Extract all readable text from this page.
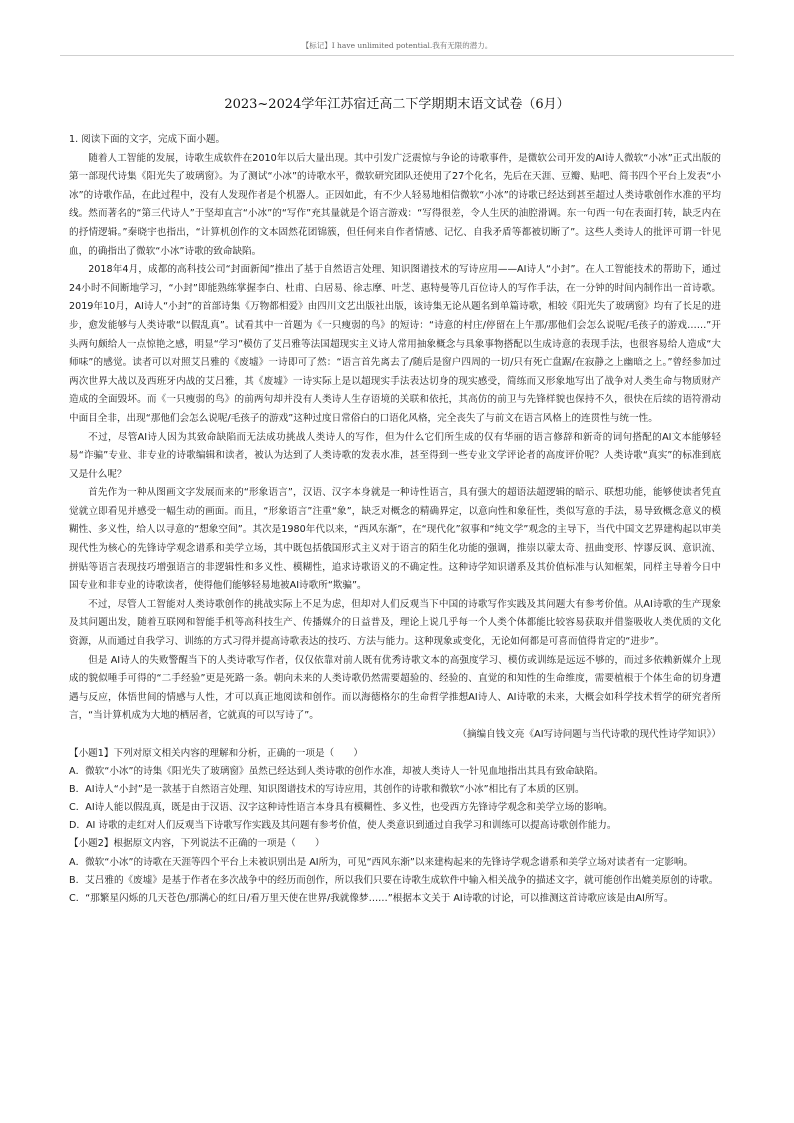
【标记】I have unlimited potential.我有无限的潜力。
2023~2024学年江苏宿迁高二下学期期末语文试卷（6月）

1. 阅读下面的文字，完成下面小题。

随着人工智能的发展，诗歌生成软件在2010年以后大量出现。其中引发广泛震惊与争论的诗歌事件，是微软公司开发的AI诗人微软“小冰”正式出版的第一部现代诗集《阳光失了玻璃窗》。为了测试“小冰”的诗歌水平，微软研究团队还使用了27个化名，先后在天涯、豆瓣、贴吧、简书四个平台上发表“小冰”的诗歌作品，在此过程中，没有人发现作者是个机器人。正因如此，有不少人轻易地相信微软“小冰”的诗歌已经达到甚至超过人类诗歌创作水准的平均线。然而著名的“第三代诗人”于坚却直言“小冰”的“写作”充其量就是个语言游戏：“写得很差，令人生厌的油腔滑调。东一句西一句在表面打转，缺乏内在的抒情逻辑。”秦晓宇也指出，“计算机创作的文本固然花团锦簇，但任何来自作者情感、记忆、自我矛盾等都被切断了”。这些人类诗人的批评可谓一针见血，的确指出了微软“小冰”诗歌的致命缺陷。

2018年4月，成都的高科技公司“封面新闻”推出了基于自然语言处理、知识图谱技术的写诗应用——AI诗人“小封”。在人工智能技术的帮助下，通过24小时不间断地学习，“小封”即能熟练掌握李白、杜甫、白居易、徐志摩、叶芝、惠特曼等几百位诗人的写作手法，在一分钟的时间内制作出一首诗歌。2019年10月，AI诗人“小封”的首部诗集《万物都相爱》由四川文艺出版社出版，该诗集无论从题名到单篇诗歌，相较《阳光失了玻璃窗》均有了长足的进步，愈发能够与人类诗歌“以假乱真”。试看其中一首题为《一只瘦弱的鸟》的短诗：“诗意的村庄/停留在上午那/那他们会怎么说呢/毛孩子的游戏……”开头两句颇给人一点惊艳之感，明显“学习”模仿了艾吕雅等法国超现实主义诗人常用抽象概念与具象事物搭配以生成诗意的表现手法，也很容易给人造成“大师味”的感觉。读者可以对照艾吕雅的《废墟》一诗即可了然：“语言首先离去了/随后是窗户四周的一切/只有死亡盘踞/在寂静之上幽暗之上。”曾经参加过两次世界大战以及西班牙内战的艾吕雅，其《废墟》一诗实际上是以超现实手法表达切身的现实感受，简练而又形象地写出了战争对人类生命与物质财产造成的全面毁坏。而《一只瘦弱的鸟》的前两句却并没有人类诗人生存语境的关联和依托，其高仿的前卫与先锋样貌也保持不久，很快在后续的语符滑动中面目全非，出现“那他们会怎么说呢/毛孩子的游戏”这种过度日常俗白的口语化风格，完全丧失了与前文在语言风格上的连贯性与统一性。

不过，尽管AI诗人因为其致命缺陷而无法成功挑战人类诗人的写作，但为什么它们所生成的仅有华丽的语言修辞和新奇的词句搭配的AI文本能够轻易“诈骗”专业、非专业的诗歌编辑和读者，被认为达到了人类诗歌的发表水准，甚至得到一些专业文学评论者的高度评价呢？人类诗歌“真实”的标准到底又是什么呢？

首先作为一种从图画文字发展而来的“形象语言”，汉语、汉字本身就是一种诗性语言，具有强大的超语法超逻辑的暗示、联想功能，能够使读者凭直觉就立即看见并感受一幅生动的画面。而且，“形象语言”注重“象”，缺乏对概念的精确界定，以意向性和象征性，类似写意的手法，易导致概念意义的模糊性、多义性，给人以寻意的“想象空间”。其次是1980年代以来，“西风东渐”，在“现代化”叙事和“纯文学”观念的主导下，当代中国文艺界建构起以审美现代性为核心的先锋诗学观念谱系和美学立场，其中既包括俄国形式主义对于语言的陌生化功能的强调，推崇以蒙太奇、扭曲变形、悖谬反讽、意识流、拼贴等语言表现技巧增强语言的非逻辑性和多义性、模糊性，追求诗歌语义的不确定性。这种诗学知识谱系及其价值标准与认知框架，同样主导着今日中国专业和非专业的诗歌读者，使得他们能够轻易地被AI诗歌所“欺骗”。

不过，尽管人工智能对人类诗歌创作的挑战实际上不足为虑，但却对人们反观当下中国的诗歌写作实践及其问题大有参考价值。从AI诗歌的生产现象及其问题出发，随着互联网和智能手机等高科技生产、传播媒介的日益普及，理论上说几乎每一个人类个体都能比较容易获取并借鉴吸收人类优质的文化资源，从而通过自我学习、训练的方式习得并提高诗歌表达的技巧、方法与能力。这种现象或变化，无论如何都是可喜而值得肯定的“进步”。

但是 AI诗人的失败警醒当下的人类诗歌写作者，仅仅依靠对前人既有优秀诗歌文本的高强度学习、模仿或训练是远远不够的，而过多依赖新媒介上现成的貌似唾手可得的“二手经验”更是死路一条。朝向未来的人类诗歌仍然需要超验的、经验的、直觉的和知性的生命维度，需要植根于个体生命的切身遭遇与反应，体悟世间的情感与人性，才可以真正地阅读和创作。而以海德格尔的生命哲学推想AI诗人、AI诗歌的未来，大概会如科学技术哲学的研究者所言，“当计算机成为大地的栖居者，它就真的可以写诗了”。

（摘编自钱文亮《AI写诗问题与当代诗歌的现代性诗学知识》）

【小题1】下列对原文相关内容的理解和分析，正确的一项是（　　）

A．微软“小冰”的诗集《阳光失了玻璃窗》虽然已经达到人类诗歌的创作水准，却被人类诗人一针见血地指出其具有致命缺陷。

B．AI诗人“小封”是一款基于自然语言处理、知识图谱技术的写诗应用，其创作的诗歌和微软“小冰”相比有了本质的区别。

C．AI诗人能以假乱真，既是由于汉语、汉字这种诗性语言本身具有模糊性、多义性，也受西方先锋诗学观念和美学立场的影响。

D．AI 诗歌的走红对人们反观当下诗歌写作实践及其问题有参考价值，使人类意识到通过自我学习和训练可以提高诗歌创作能力。

【小题2】根据原文内容，下列说法不正确的一项是（　　）

A．微软“小冰”的诗歌在天涯等四个平台上未被识别出是 AI所为，可见“西风东渐”以来建构起来的先锋诗学观念谱系和美学立场对读者有一定影响。

B．艾吕雅的《废墟》是基于作者在多次战争中的经历而创作，所以我们只要在诗歌生成软件中输入相关战争的描述文字，就可能创作出媲美原创的诗歌。

C．“那繁星闪烁的几天苍色/那满心的红日/看万里天使在世界/我就像梦……”根据本文关于 AI诗歌的讨论，可以推测这首诗歌应该是由AI所写。
